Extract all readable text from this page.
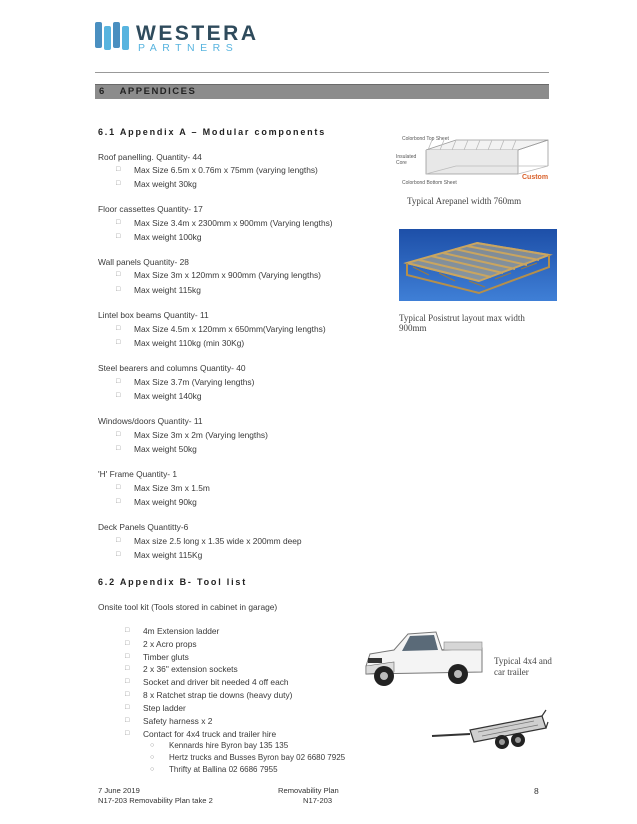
WESTERA
PARTNERS
6 APPENDICES
6.1 Appendix A – Modular components
Roof panelling. Quantity- 44
□ Max Size 6.5m x 0.76m x 75mm (varying lengths)
□ Max weight 30kg
Floor cassettes Quantity- 17
□ Max Size 3.4m x 2300mm x 900mm (Varying lengths)
□ Max weight 100kg
Wall panels Quantity- 28
□ Max Size 3m x 120mm x 900mm (Varying lengths)
□ Max weight 115kg
Lintel box beams Quantity- 11
□ Max Size 4.5m x 120mm x 650mm(Varying lengths)
□ Max weight 110kg (min 30Kg)
Steel bearers and columns Quantity- 40
□ Max Size 3.7m (Varying lengths)
□ Max weight 140kg
Windows/doors Quantity- 11
□ Max Size 3m x 2m (Varying lengths)
□ Max weight 50kg
'H' Frame Quantity- 1
□ Max Size 3m x 1.5m
□ Max weight 90kg
Deck Panels Quantitty-6
□ Max size 2.5 long x 1.35 wide x 200mm deep
□ Max weight 115Kg
Colorbond Top Sheet
Insulated Core
Colorbond Bottom Sheet
Custom
Typical Arepanel width 760mm
Typical Posistrut layout max width
900mm
6.2 Appendix B- Tool list
Onsite tool kit (Tools stored in cabinet in garage)
□ 4m Extension ladder
□ 2 x Acro props
□ Timber gluts
□ 2 x 36" extension sockets
□ Socket and driver bit needed 4 off each
□ 8 x Ratchet strap tie downs (heavy duty)
□ Step ladder
□ Safety harness x 2
□ Contact for 4x4 truck and trailer hire
○ Kennards hire Byron bay 135 135
○ Hertz trucks and Busses Byron bay 02 6680 7925
○ Thrifty at Ballina 02 6686 7955
Typical 4x4 and
car trailer
7 June 2019
N17-203 Removability Plan take 2
Removability Plan
N17-203
8
